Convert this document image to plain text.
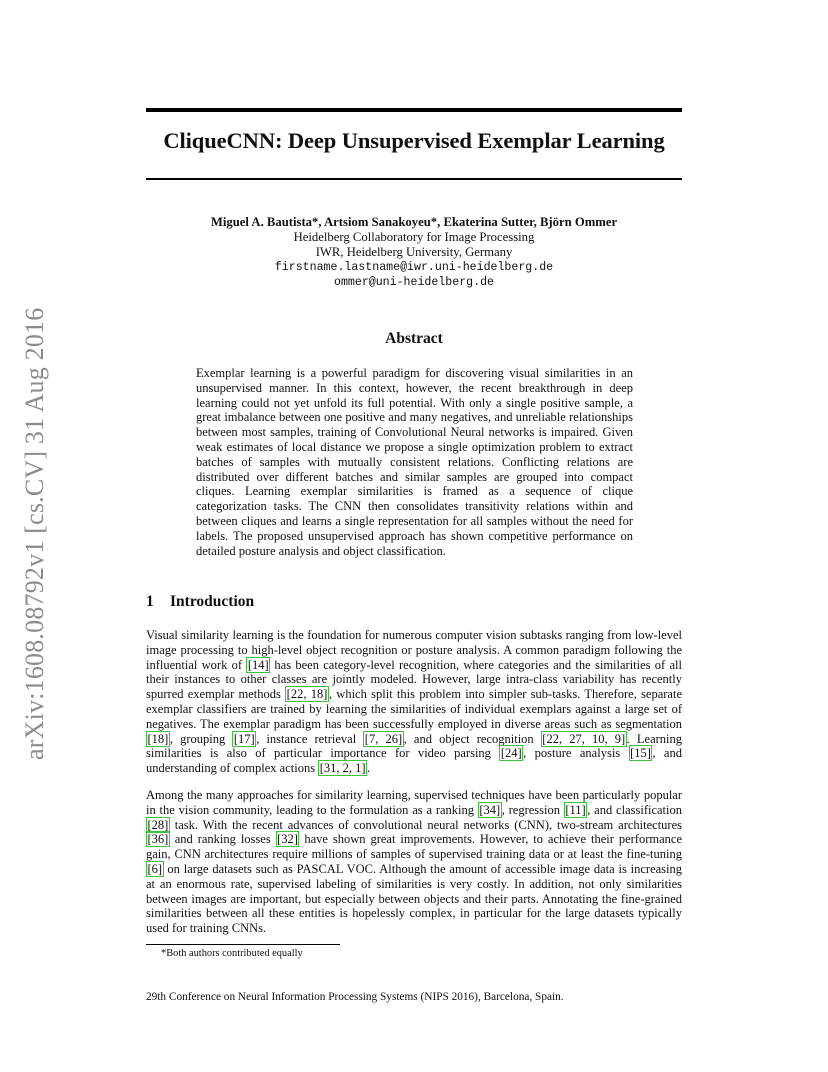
arXiv:1608.08792v1 [cs.CV] 31 Aug 2016
CliqueCNN: Deep Unsupervised Exemplar Learning
Miguel A. Bautista*, Artsiom Sanakoyeu*, Ekaterina Sutter, Björn Ommer
Heidelberg Collaboratory for Image Processing
IWR, Heidelberg University, Germany
firstname.lastname@iwr.uni-heidelberg.de
ommer@uni-heidelberg.de
Abstract
Exemplar learning is a powerful paradigm for discovering visual similarities in an unsupervised manner. In this context, however, the recent breakthrough in deep learning could not yet unfold its full potential. With only a single positive sample, a great imbalance between one positive and many negatives, and unreliable relationships between most samples, training of Convolutional Neural networks is impaired. Given weak estimates of local distance we propose a single optimization problem to extract batches of samples with mutually consistent relations. Conflicting relations are distributed over different batches and similar samples are grouped into compact cliques. Learning exemplar similarities is framed as a sequence of clique categorization tasks. The CNN then consolidates transitivity relations within and between cliques and learns a single representation for all samples without the need for labels. The proposed unsupervised approach has shown competitive performance on detailed posture analysis and object classification.
1 Introduction

Visual similarity learning is the foundation for numerous computer vision subtasks ranging from low-level image processing to high-level object recognition or posture analysis. A common paradigm following the influential work of [14] has been category-level recognition, where categories and the similarities of all their instances to other classes are jointly modeled. However, large intra-class variability has recently spurred exemplar methods [22, 18] , which split this problem into simpler sub-tasks. Therefore, separate exemplar classifiers are trained by learning the similarities of individual exemplars against a large set of negatives. The exemplar paradigm has been successfully employed in diverse areas such as segmentation [18] , grouping [17] , instance retrieval [7, 26] , and object recognition [22, 27, 10, 9] . Learning similarities is also of particular importance for video parsing [24] , posture analysis [15] , and understanding of complex actions [31, 2, 1] .

Among the many approaches for similarity learning, supervised techniques have been particularly popular in the vision community, leading to the formulation as a ranking [34] , regression [11] , and classification [28] task. With the recent advances of convolutional neural networks (CNN), two-stream architectures [36] and ranking losses [32] have shown great improvements. However, to achieve their performance gain, CNN architectures require millions of samples of supervised training data or at least the fine-tuning [6] on large datasets such as PASCAL VOC. Although the amount of accessible image data is increasing at an enormous rate, supervised labeling of similarities is very costly. In addition, not only similarities between images are important, but especially between objects and their parts. Annotating the fine-grained similarities between all these entities is hopelessly complex, in particular for the large datasets typically used for training CNNs.

*Both authors contributed equally
29th Conference on Neural Information Processing Systems (NIPS 2016), Barcelona, Spain.
